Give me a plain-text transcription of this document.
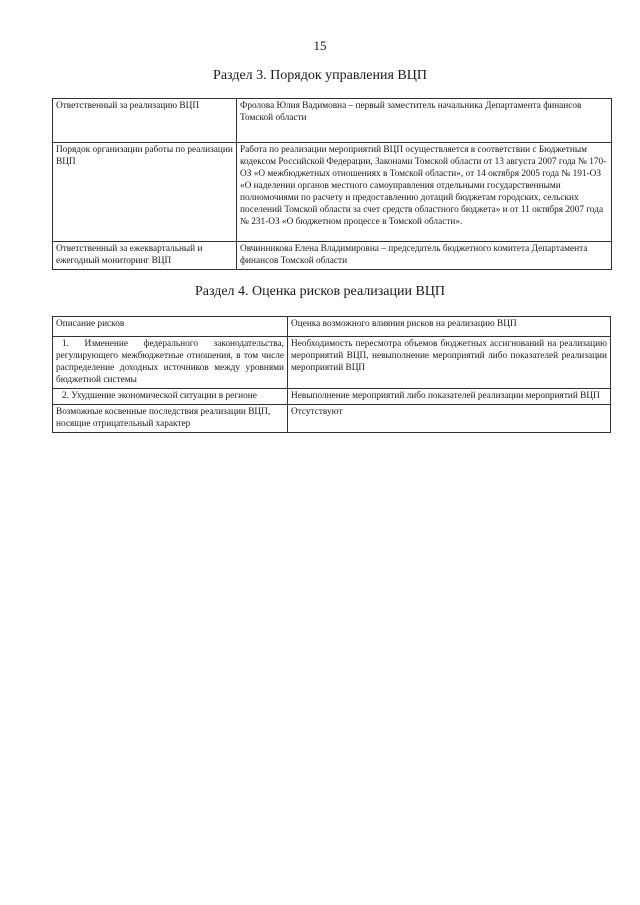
15
Раздел 3. Порядок управления ВЦП
Ответственный за реализацию ВЦП	Фролова Юлия Вадимовна – первый заместитель начальника Департамента финансов Томской области
Порядок организации работы по реализации ВЦП	Работа по реализации мероприятий ВЦП осуществляется в соответствии с Бюджетным кодексом Российской Федерации, Законами Томской области от 13 августа 2007 года № 170-ОЗ «О межбюджетных отношениях в Томской области», от 14 октября 2005 года № 191-ОЗ «О наделении органов местного самоуправления отдельными государственными полномочиями по расчету и предоставлению дотаций бюджетам городских, сельских поселений Томской области за счет средств областного бюджета» и от 11 октября 2007 года № 231-ОЗ «О бюджетном процессе в Томской области».
Ответственный за ежеквартальный и ежегодный мониторинг ВЦП	Овчинникова Елена Владимировна – председатель бюджетного комитета Департамента финансов Томской области
Раздел 4. Оценка рисков реализации ВЦП
Описание рисков	Оценка возможного влияния рисков на реализацию ВЦП
1. Изменение федерального законодательства, регулирующего межбюджетные отношения, в том числе распределение доходных источников между уровнями бюджетной системы	Необходимость пересмотра объемов бюджетных ассигнований на реализацию мероприятий ВЦП, невыполнение мероприятий либо показателей реализации мероприятий ВЦП
2. Ухудшение экономической ситуации в регионе	Невыполнение мероприятий либо показателей реализации мероприятий ВЦП
Возможные косвенные последствия реализации ВЦП, носящие отрицательный характер	Отсутствуют
